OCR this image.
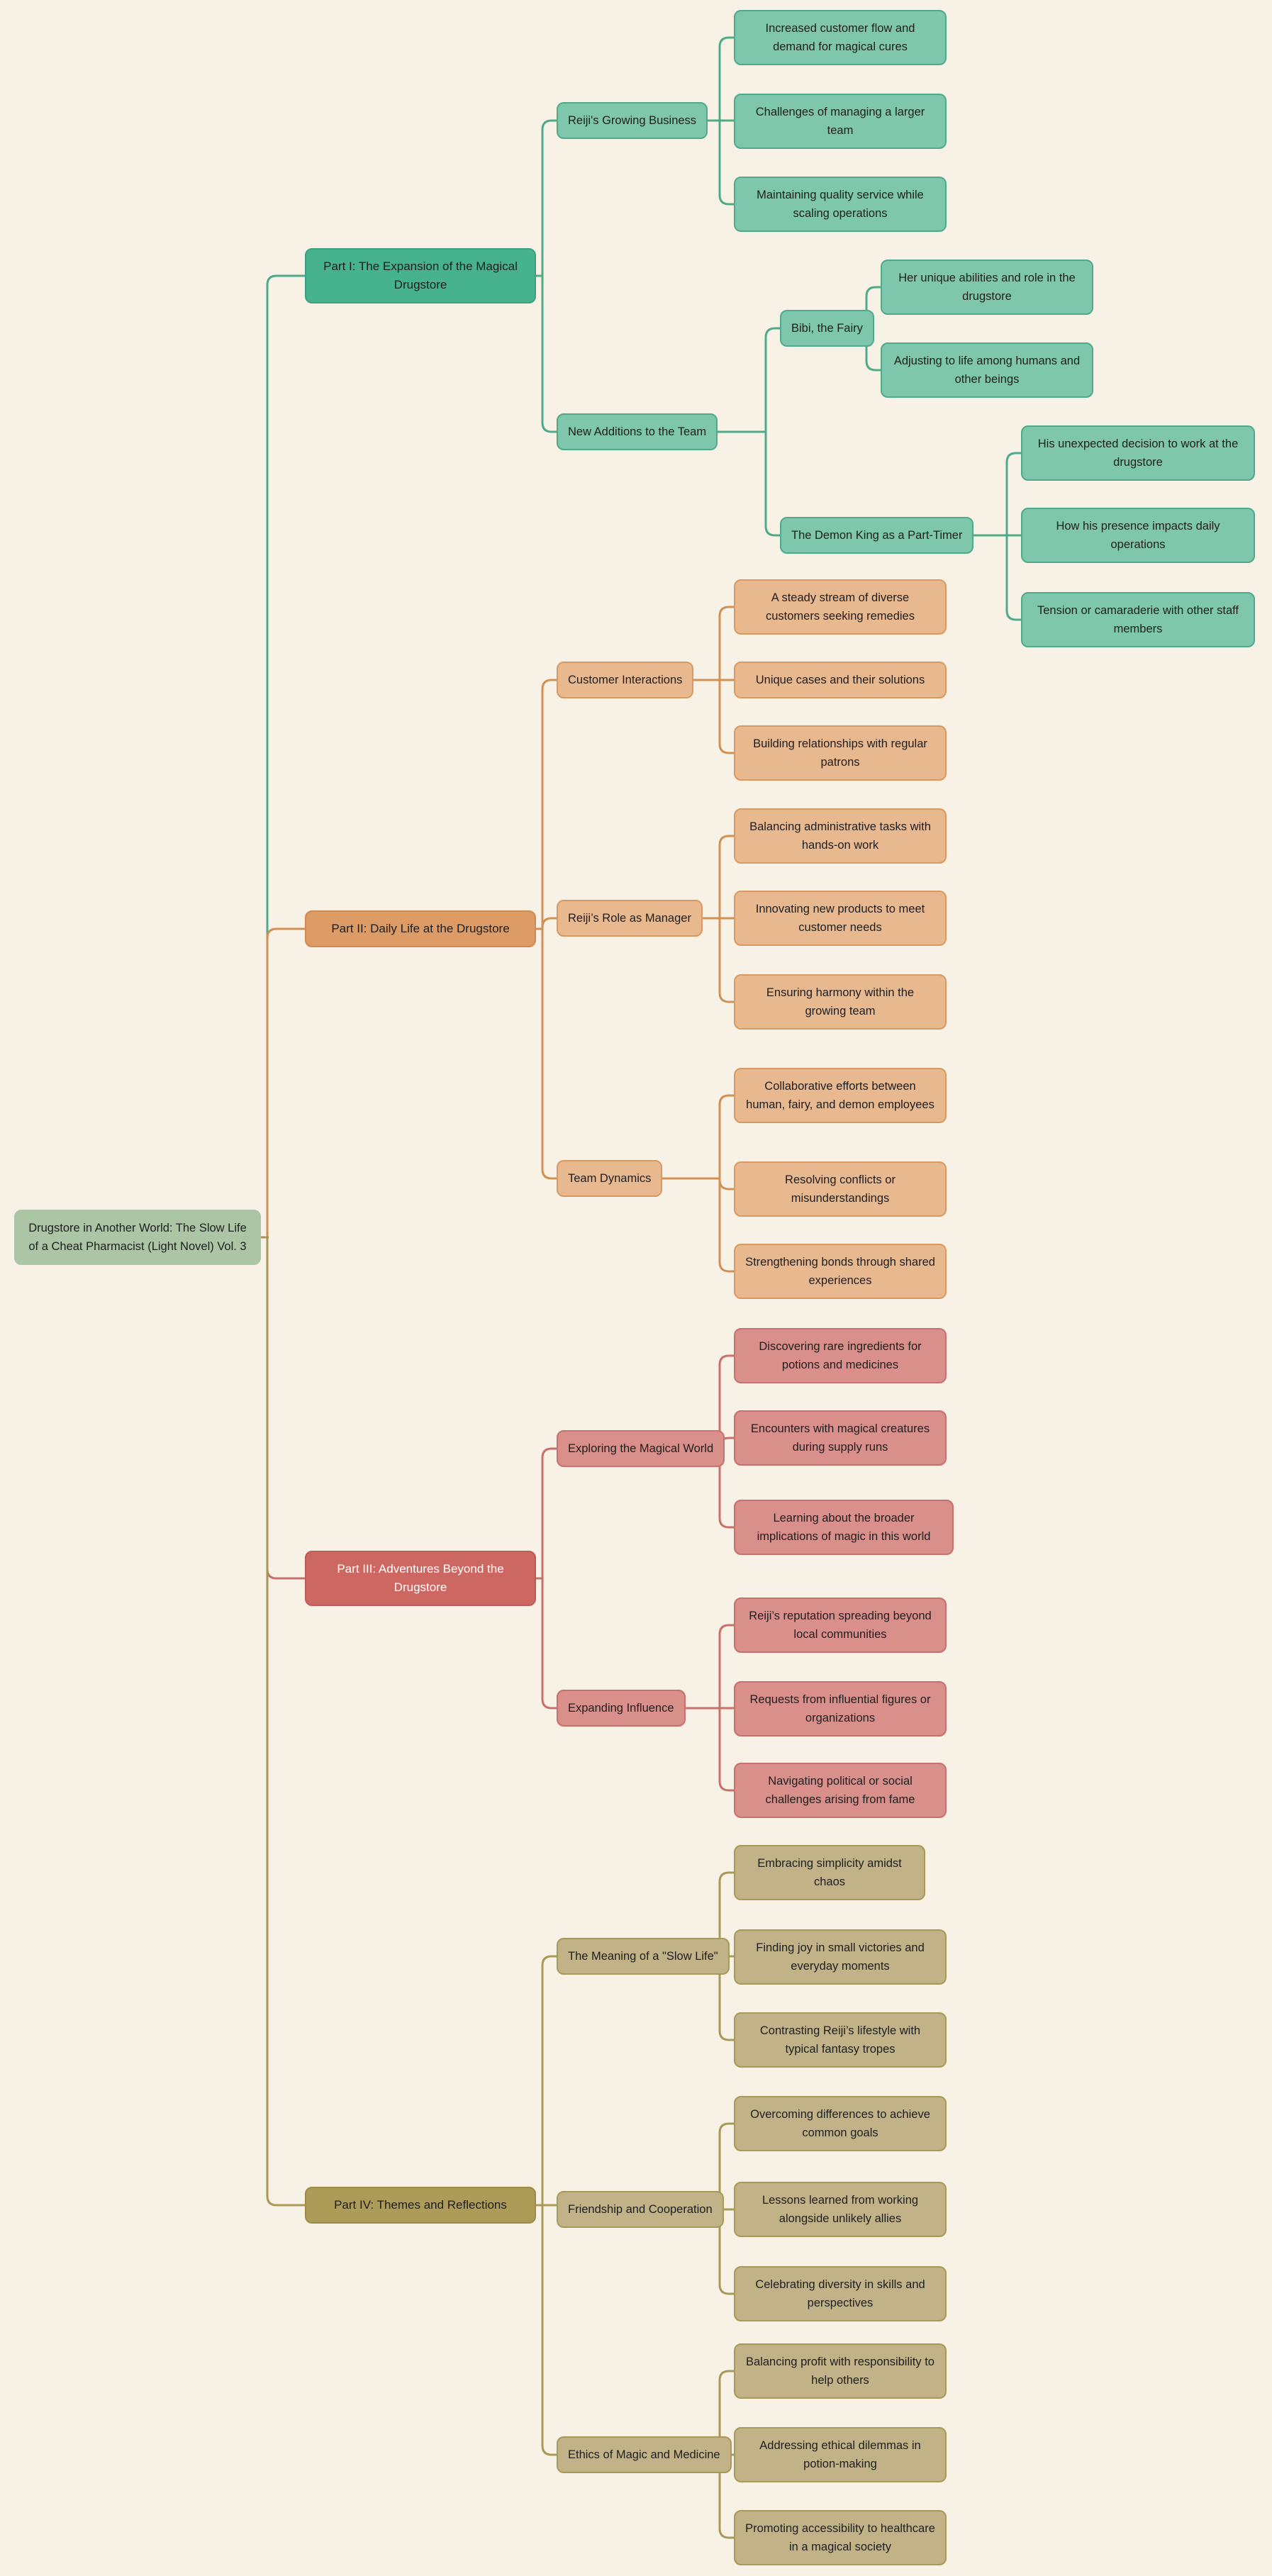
Drugstore in Another World: The Slow Life of a Cheat Pharmacist (Light Novel) Vol. 3
Part I: The Expansion of the Magical Drugstore
Reiji's Growing Business
Increased customer flow and demand for magical cures
Challenges of managing a larger team
Maintaining quality service while scaling operations
New Additions to the Team
Bibi, the Fairy
Her unique abilities and role in the drugstore
Adjusting to life among humans and other beings
The Demon King as a Part-Timer
His unexpected decision to work at the drugstore
How his presence impacts daily operations
Tension or camaraderie with other staff members
Part II: Daily Life at the Drugstore
Customer Interactions
A steady stream of diverse customers seeking remedies
Unique cases and their solutions
Building relationships with regular patrons
Reiji’s Role as Manager
Balancing administrative tasks with hands-on work
Innovating new products to meet customer needs
Ensuring harmony within the growing team
Team Dynamics
Collaborative efforts between human, fairy, and demon employees
Resolving conflicts or misunderstandings
Strengthening bonds through shared experiences
Part III: Adventures Beyond the Drugstore
Exploring the Magical World
Discovering rare ingredients for potions and medicines
Encounters with magical creatures during supply runs
Learning about the broader implications of magic in this world
Expanding Influence
Reiji’s reputation spreading beyond local communities
Requests from influential figures or organizations
Navigating political or social challenges arising from fame
Part IV: Themes and Reflections
The Meaning of a "Slow Life"
Embracing simplicity amidst chaos
Finding joy in small victories and everyday moments
Contrasting Reiji’s lifestyle with typical fantasy tropes
Friendship and Cooperation
Overcoming differences to achieve common goals
Lessons learned from working alongside unlikely allies
Celebrating diversity in skills and perspectives
Ethics of Magic and Medicine
Balancing profit with responsibility to help others
Addressing ethical dilemmas in potion-making
Promoting accessibility to healthcare in a magical society
